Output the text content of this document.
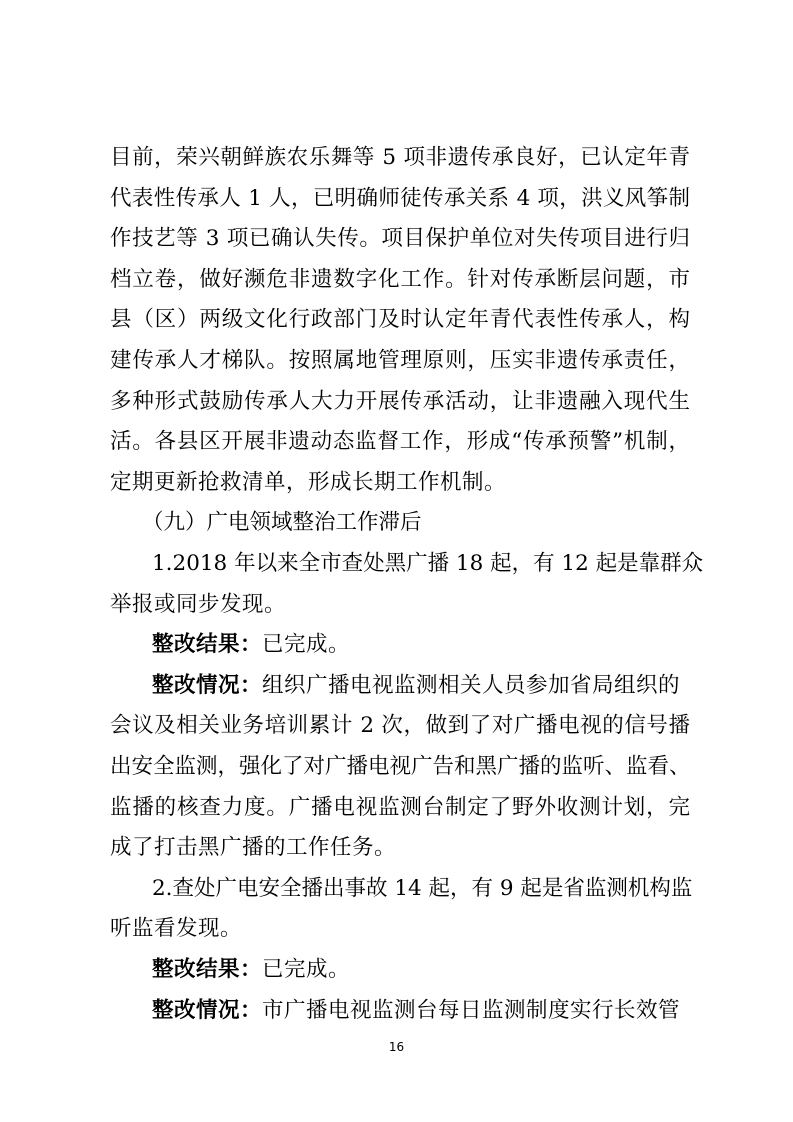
目前，荣兴朝鲜族农乐舞等 5 项非遗传承良好，已认定年青
代表性传承人 1 人，已明确师徒传承关系 4 项，洪义风筝制
作技艺等 3 项已确认失传。项目保护单位对失传项目进行归
档立卷，做好濒危非遗数字化工作。针对传承断层问题，市
县（区）两级文化行政部门及时认定年青代表性传承人，构
建传承人才梯队。按照属地管理原则，压实非遗传承责任，
多种形式鼓励传承人大力开展传承活动，让非遗融入现代生
活。各县区开展非遗动态监督工作，形成“传承预警”机制，
定期更新抢救清单，形成长期工作机制。
（九）广电领域整治工作滞后
1.2018 年以来全市查处黑广播 18 起，有 12 起是靠群众
举报或同步发现。
整改结果：已完成。
整改情况：组织广播电视监测相关人员参加省局组织的
会议及相关业务培训累计 2 次，做到了对广播电视的信号播
出安全监测，强化了对广播电视广告和黑广播的监听、监看、
监播的核查力度。广播电视监测台制定了野外收测计划，完
成了打击黑广播的工作任务。
2.查处广电安全播出事故 14 起，有 9 起是省监测机构监
听监看发现。
整改结果：已完成。
整改情况：市广播电视监测台每日监测制度实行长效管
16
